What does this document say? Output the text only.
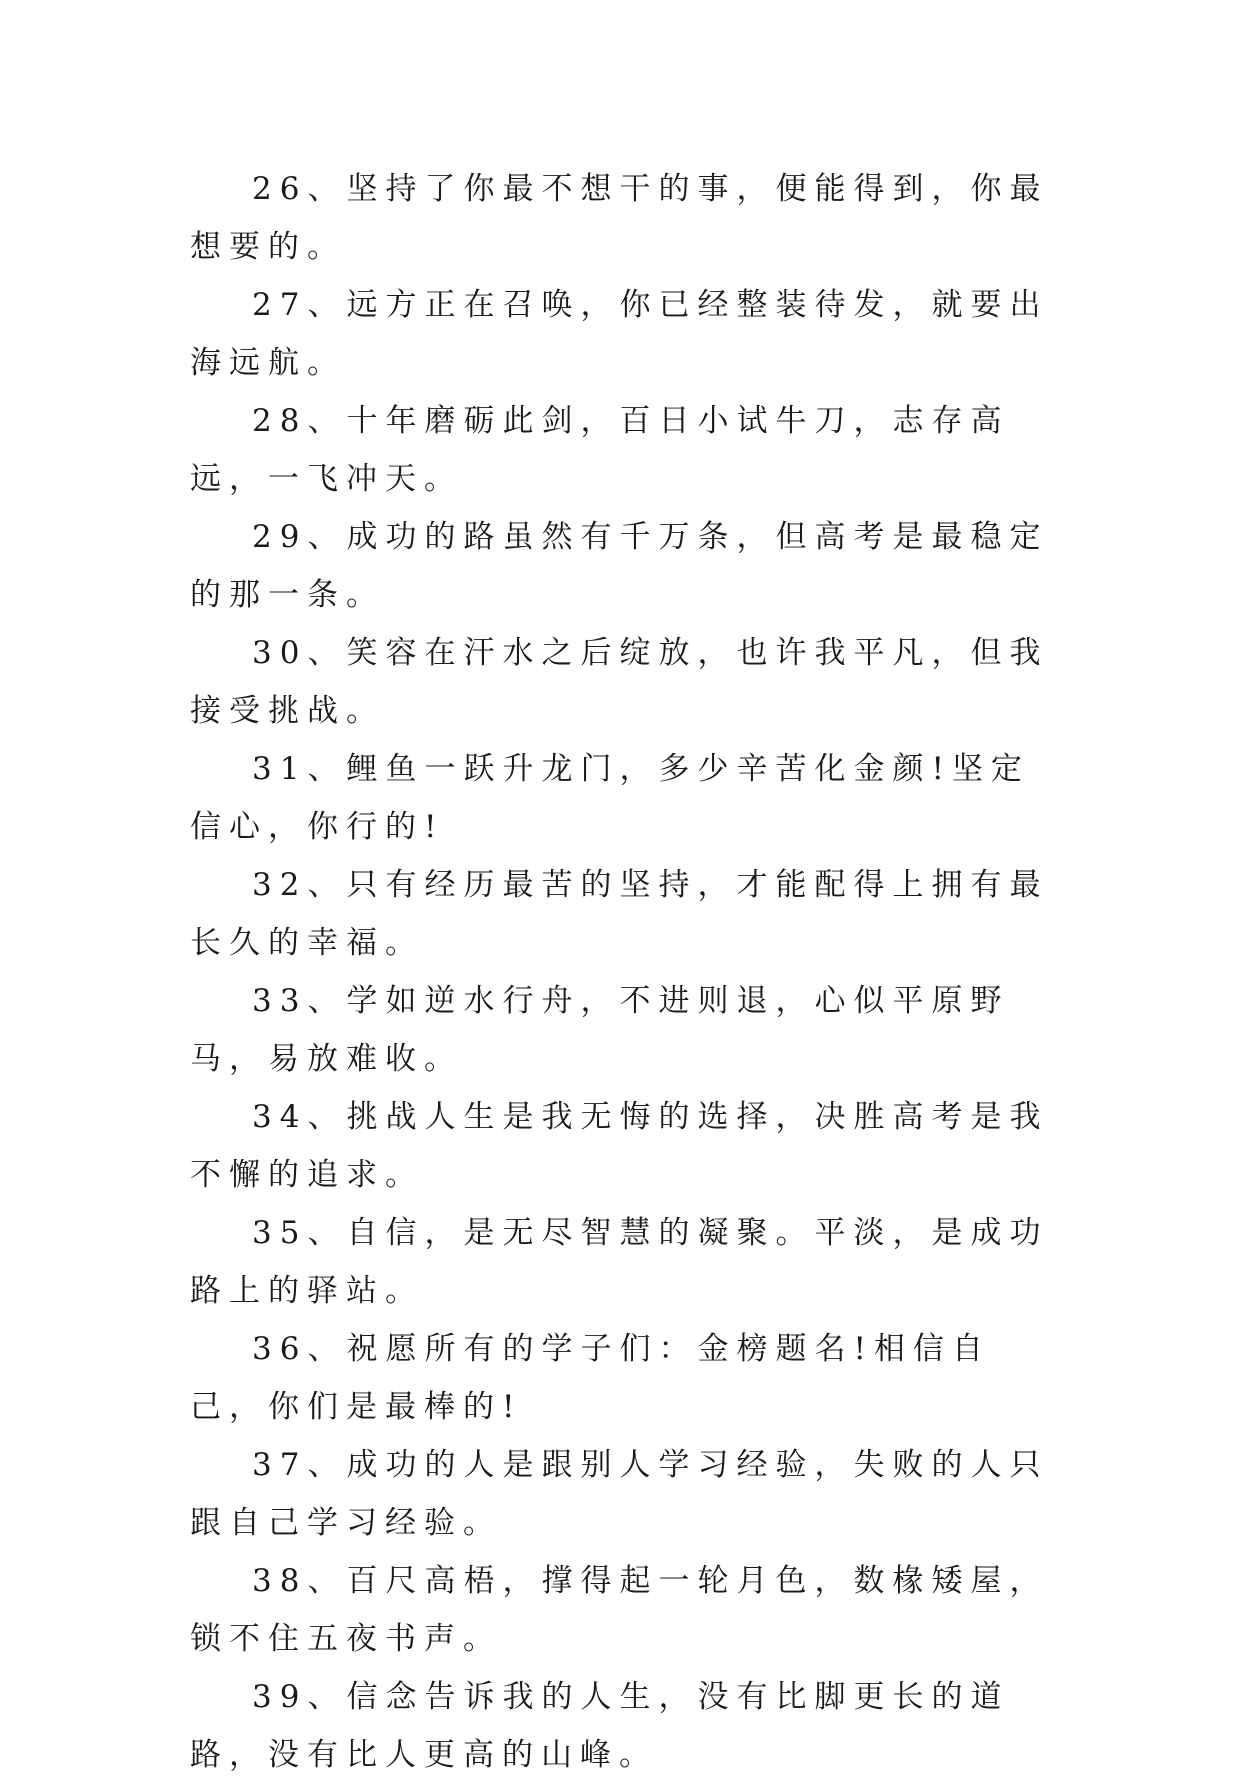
26、坚持了你最不想干的事，便能得到，你最想要的。

27、远方正在召唤，你已经整装待发，就要出海远航。

28、十年磨砺此剑，百日小试牛刀，志存高远，一飞冲天。

29、成功的路虽然有千万条，但高考是最稳定的那一条。

30、笑容在汗水之后绽放，也许我平凡，但我接受挑战。

31、鲤鱼一跃升龙门，多少辛苦化金颜!坚定信心，你行的!

32、只有经历最苦的坚持，才能配得上拥有最长久的幸福。

33、学如逆水行舟，不进则退，心似平原野马，易放难收。

34、挑战人生是我无悔的选择，决胜高考是我不懈的追求。

35、自信，是无尽智慧的凝聚。平淡，是成功路上的驿站。

36、祝愿所有的学子们：金榜题名!相信自己，你们是最棒的!

37、成功的人是跟别人学习经验，失败的人只跟自己学习经验。

38、百尺高梧，撑得起一轮月色，数椽矮屋，锁不住五夜书声。

39、信念告诉我的人生，没有比脚更长的道路，没有比人更高的山峰。
